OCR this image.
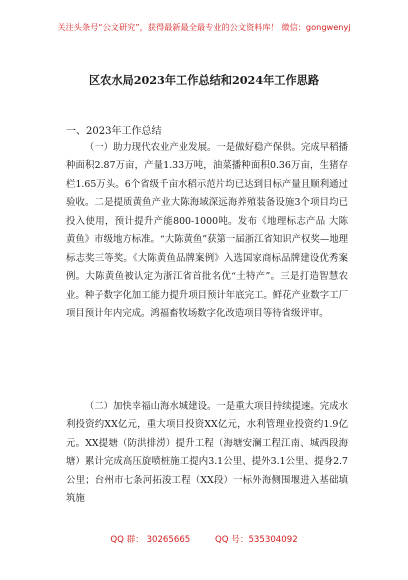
关注头条号“公文研究”，获得最新最全最专业的公文资料库！ 微信：gongwenyj
区农水局2023年工作总结和2024年工作思路
一、2023年工作总结
（一）助力现代农业产业发展。一是做好稳产保供。完成早稻播种面积2.87万亩，产量1.33万吨，油菜播种面积0.36万亩，生猪存栏1.65万头。6个省级千亩水稻示范片均已达到目标产量且顺利通过验收。二是提质黄鱼产业大陈海域深远海养殖装备设施3个项目均已投入使用，预计提升产能800-1000吨。发布《地理标志产品 大陈黄鱼》市级地方标准。“大陈黄鱼”获第一届浙江省知识产权奖—地理标志奖三等奖。《大陈黄鱼品牌案例》入选国家商标品牌建设优秀案例。大陈黄鱼被认定为浙江省首批名优“土特产”。三是打造智慧农业。种子数字化加工能力提升项目预计年底完工。鲜花产业数字工厂项目预计年内完成。鸿福畜牧场数字化改造项目等待省级评审。
（二）加快幸福山海水城建设。一是重大项目持续提速。完成水利投资约XX亿元，重大项目投资XX亿元，水利管理业投资约1.9亿元。XX提塘（防洪排涝）提升工程（海塘安澜工程江南、城西段海塘）累计完成高压旋喷桩施工提内3.1公里、提外3.1公里、提身2.7公里；台州市七条河拓浚工程（XX段）一标外海侧围堰进入基础填筑施
QQ 群： 30265665	QQ 号：535304092
